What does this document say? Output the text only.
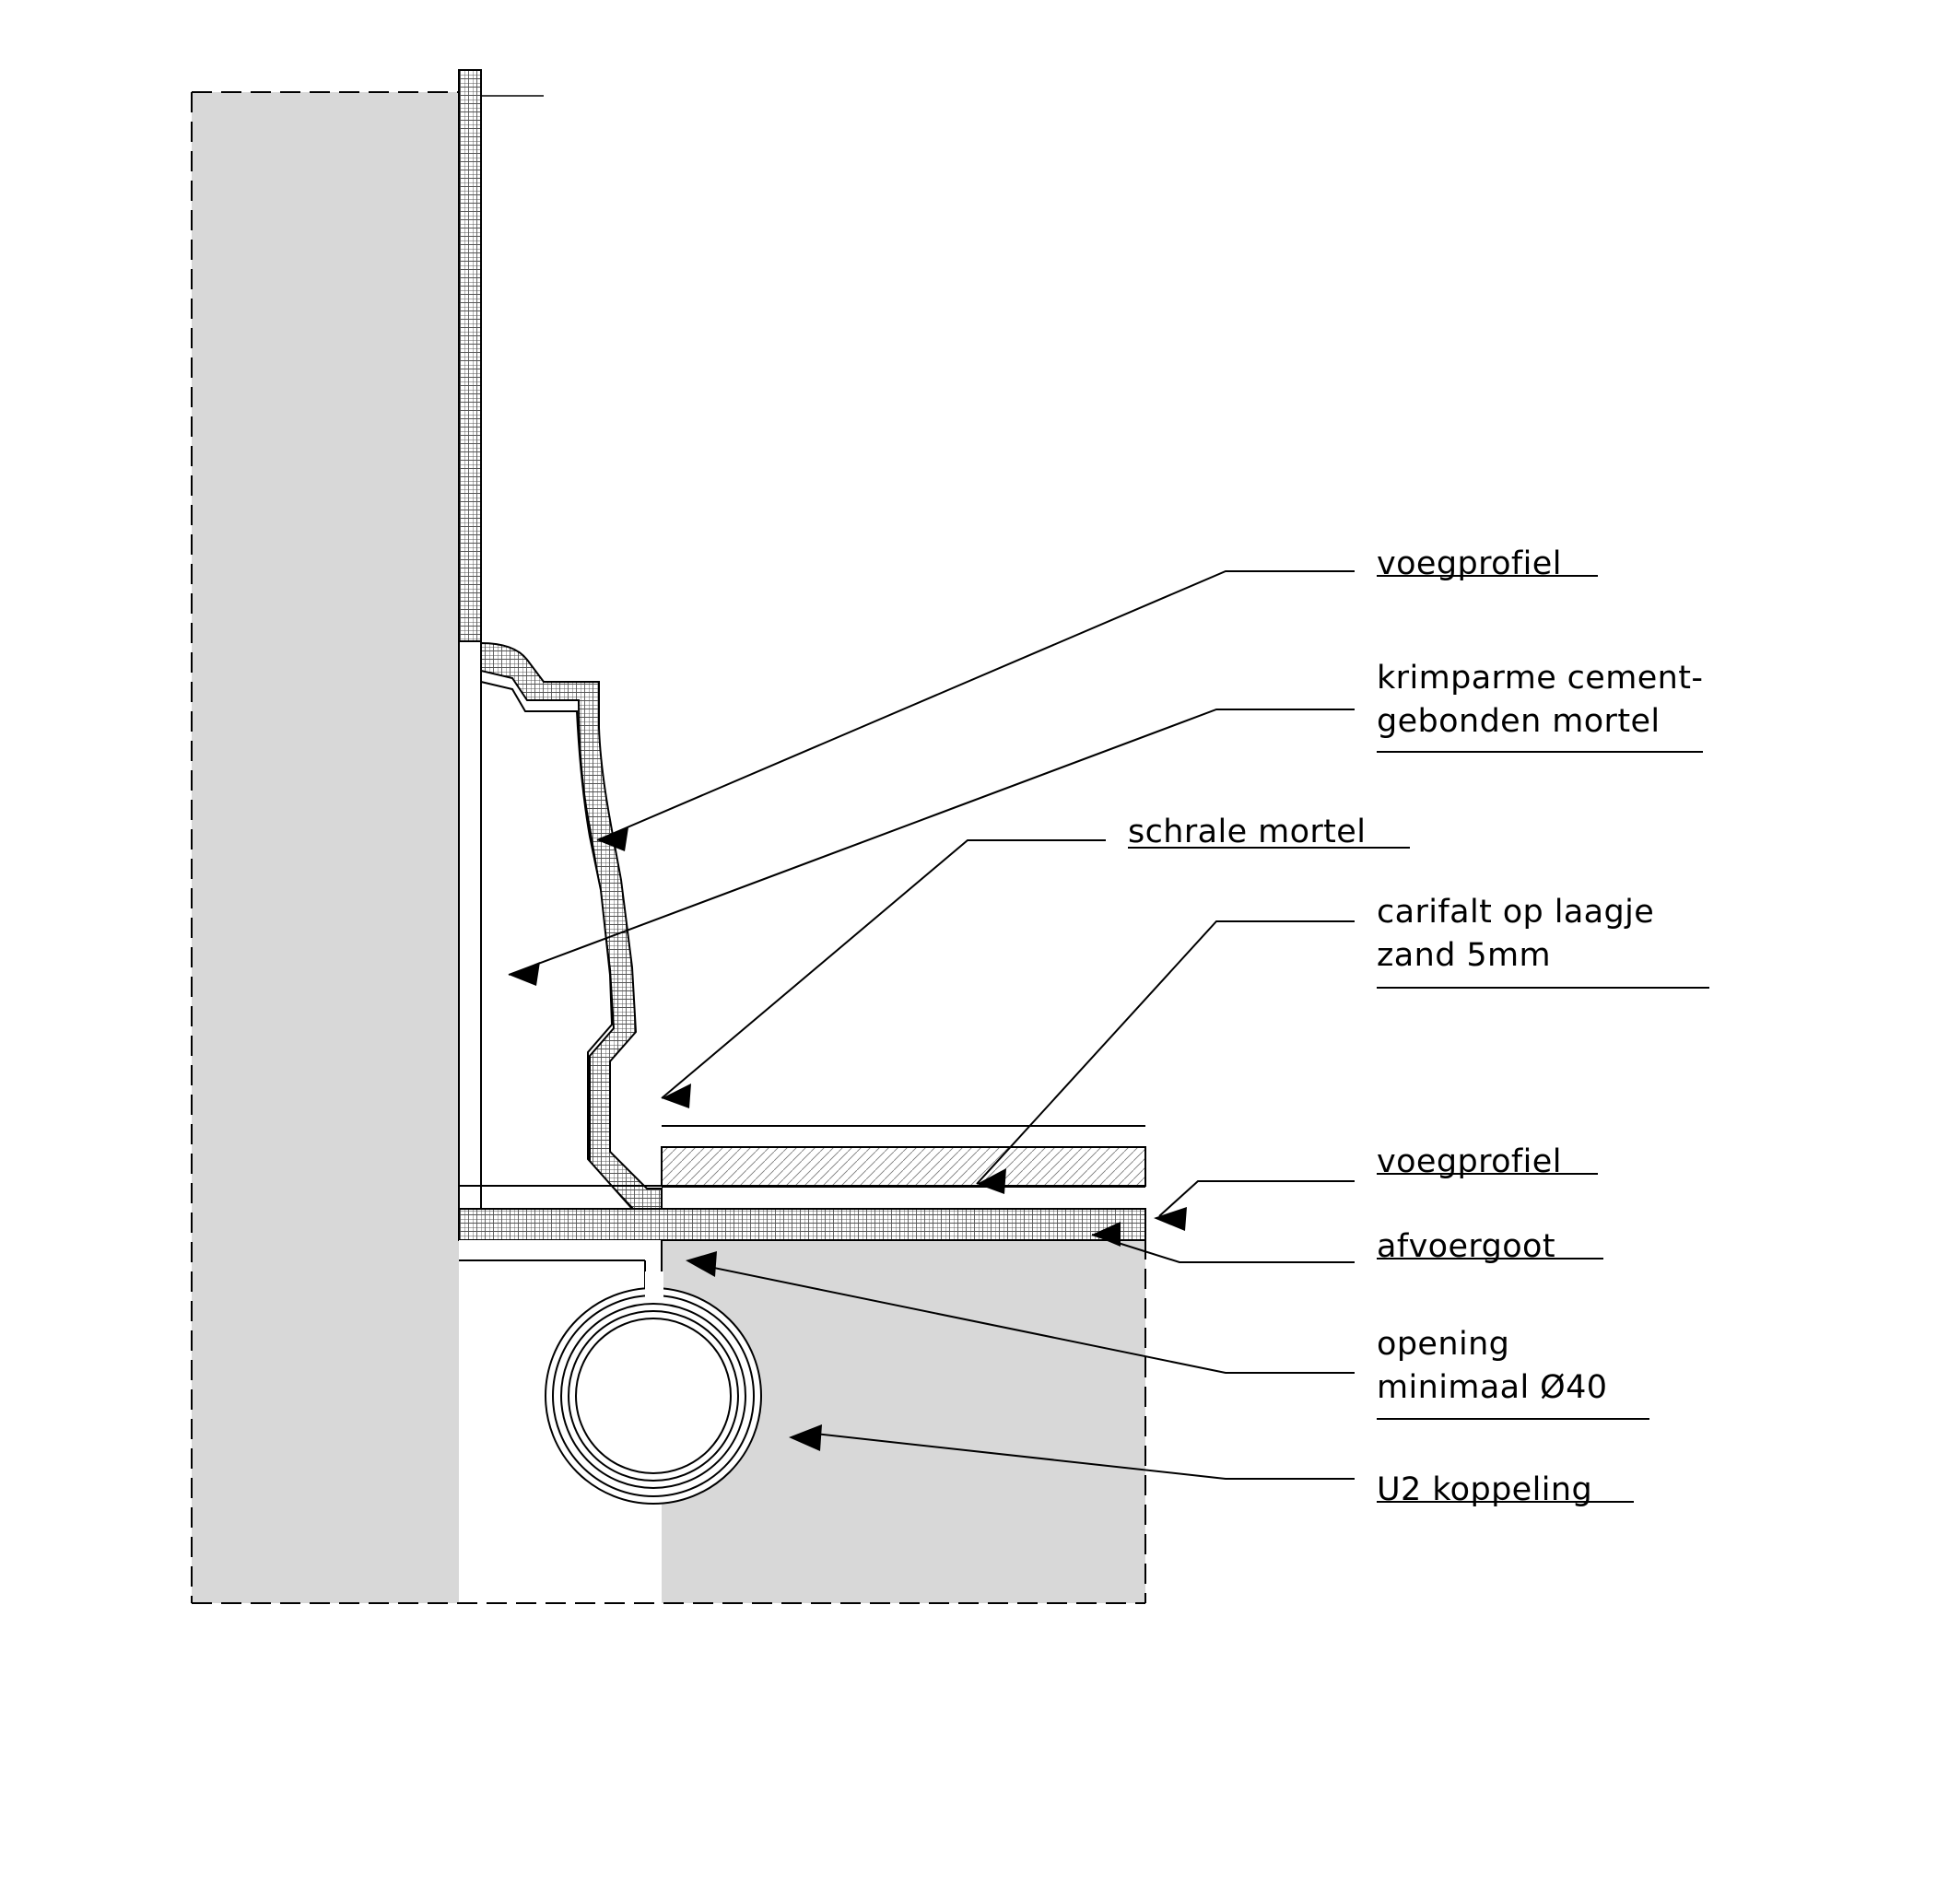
voegprofiel
krimparme cement-
gebonden mortel
schrale mortel
carifalt op laagje
zand 5mm
voegprofiel
afvoergoot
opening
minimaal Ø40
U2 koppeling
